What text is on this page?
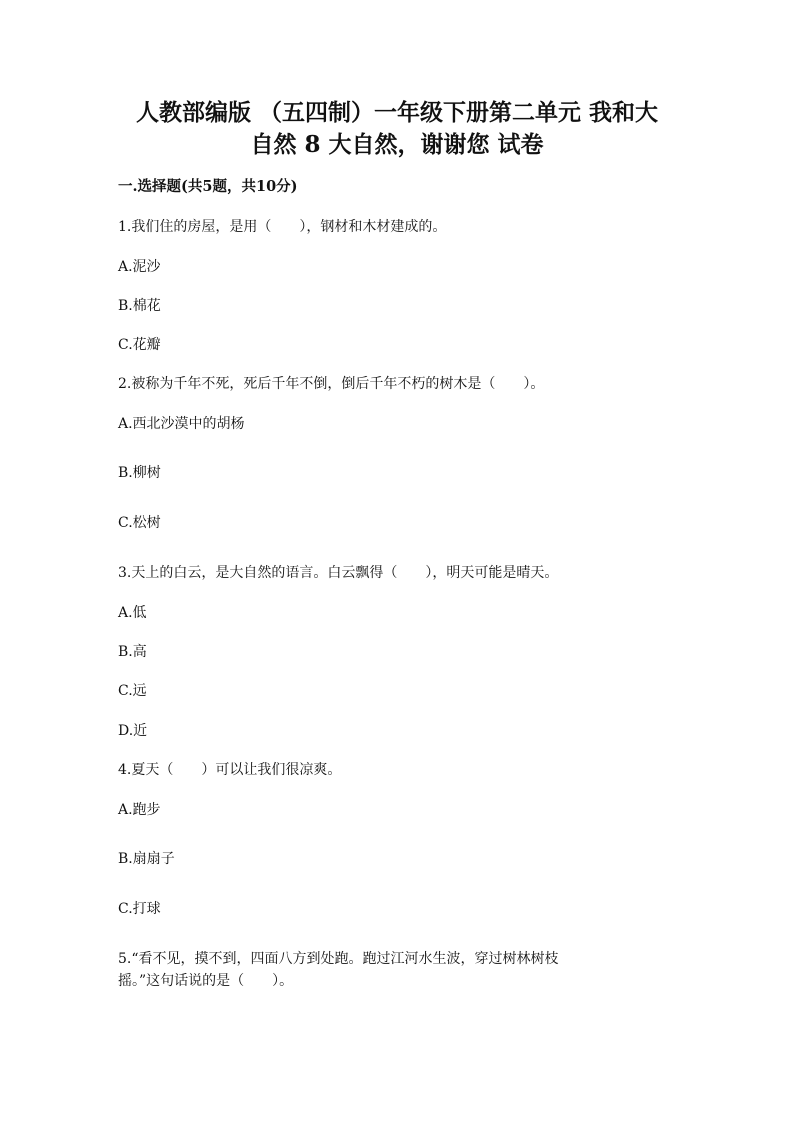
人教部编版 （五四制）一年级下册第二单元 我和大
自然 8 大自然，谢谢您 试卷

一.选择题(共5题，共10分)

1.我们住的房屋，是用（　　），钢材和木材建成的。

A.泥沙

B.棉花

C.花瓣

2.被称为千年不死，死后千年不倒，倒后千年不朽的树木是（　　）。

A.西北沙漠中的胡杨

B.柳树

C.松树

3.天上的白云，是大自然的语言。白云飘得（　　），明天可能是晴天。

A.低

B.高

C.远

D.近

4.夏天（　　）可以让我们很凉爽。

A.跑步

B.扇扇子

C.打球

5.“看不见，摸不到，四面八方到处跑。跑过江河水生波，穿过树林树枝

摇。”这句话说的是（　　）。
